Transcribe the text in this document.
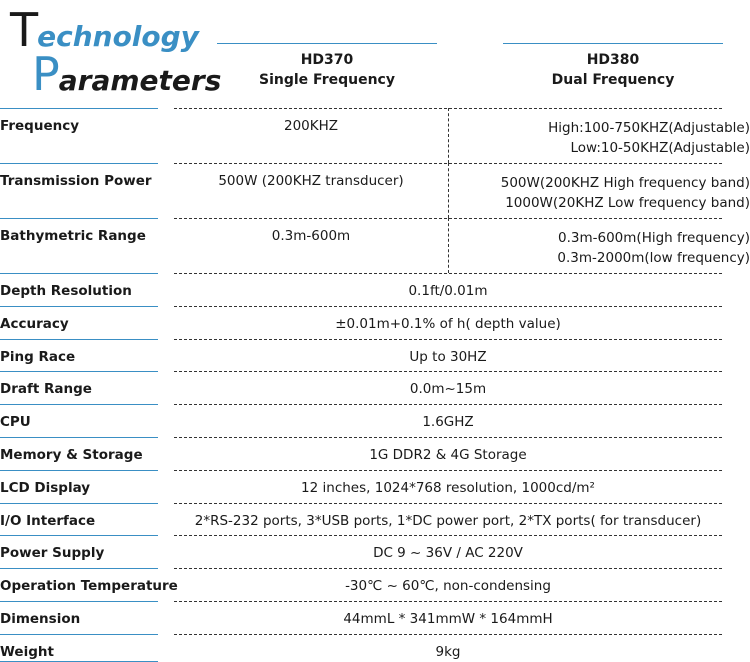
Technology
Parameters
HD370
Single Frequency
HD380
Dual Frequency
Frequency	200KHZ	High:100-750KHZ(Adjustable)
Low:10-50KHZ(Adjustable)
Transmission Power	500W (200KHZ transducer)	500W(200KHZ High frequency band)
1000W(20KHZ Low frequency band)
Bathymetric Range	0.3m-600m	0.3m-600m(High frequency)
0.3m-2000m(low frequency)
Depth Resolution	0.1ft/0.01m
Accuracy	±0.01m+0.1% of h( depth value)
Ping Race	Up to 30HZ
Draft Range	0.0m~15m
CPU	1.6GHZ
Memory & Storage	1G DDR2 & 4G Storage
LCD Display	12 inches, 1024*768 resolution, 1000cd/m²
I/O Interface	2*RS-232 ports, 3*USB ports, 1*DC power port, 2*TX ports( for transducer)
Power Supply	DC 9 ~ 36V / AC 220V
Operation Temperature	-30℃ ~ 60℃, non-condensing
Dimension	44mmL * 341mmW * 164mmH
Weight	9kg
